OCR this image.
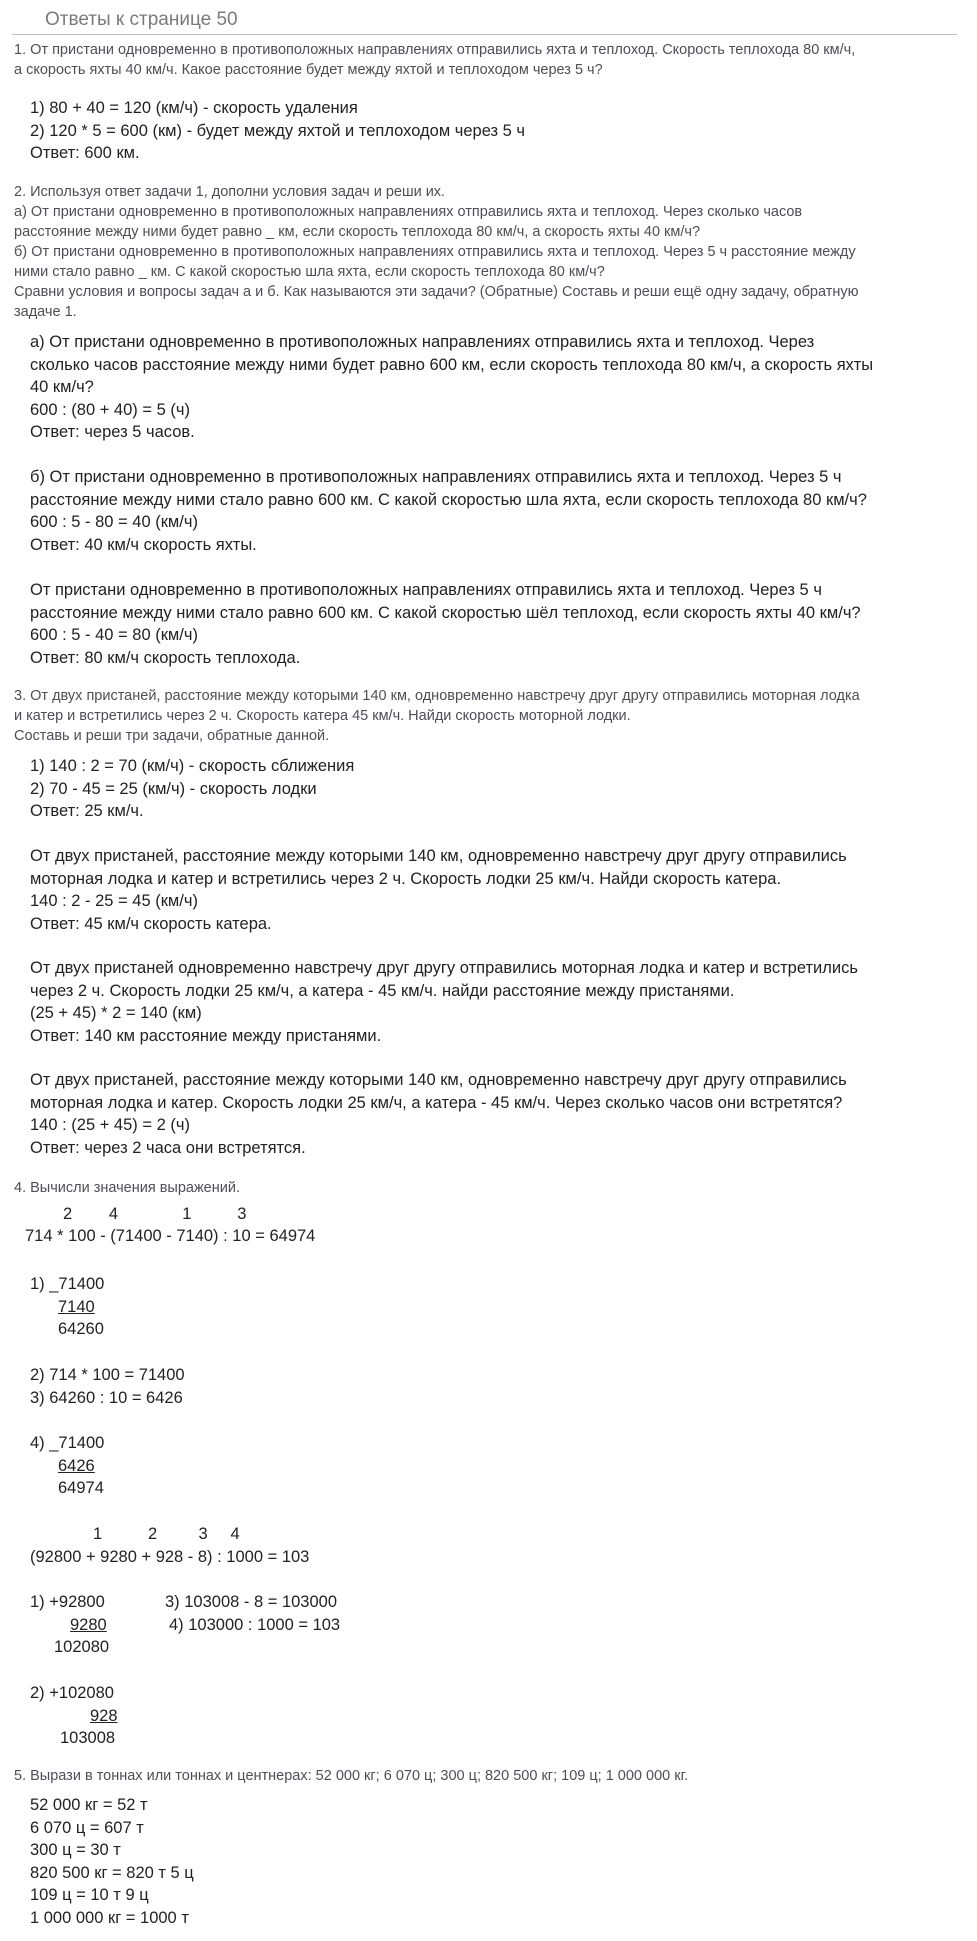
Ответы к странице 50
1. От пристани одновременно в противоположных направлениях отправились яхта и теплоход. Скорость теплохода 80 км/ч,
а скорость яхты 40 км/ч. Какое расстояние будет между яхтой и теплоходом через 5 ч?
1) 80 + 40 = 120 (км/ч) - скорость удаления
2) 120 * 5 = 600 (км) - будет между яхтой и теплоходом через 5 ч
Ответ: 600 км.
2. Используя ответ задачи 1, дополни условия задач и реши их.
а) От пристани одновременно в противоположных направлениях отправились яхта и теплоход. Через сколько часов
расстояние между ними будет равно _ км, если скорость теплохода 80 км/ч, а скорость яхты 40 км/ч?
б) От пристани одновременно в противоположных направлениях отправились яхта и теплоход. Через 5 ч расстояние между
ними стало равно _ км. С какой скоростью шла яхта, если скорость теплохода 80 км/ч?
Сравни условия и вопросы задач а и б. Как называются эти задачи? (Обратные) Составь и реши ещё одну задачу, обратную
задаче 1.
а) От пристани одновременно в противоположных направлениях отправились яхта и теплоход. Через
сколько часов расстояние между ними будет равно 600 км, если скорость теплохода 80 км/ч, а скорость яхты
40 км/ч?
600 : (80 + 40) = 5 (ч)
Ответ: через 5 часов.
б) От пристани одновременно в противоположных направлениях отправились яхта и теплоход. Через 5 ч
расстояние между ними стало равно 600 км. С какой скоростью шла яхта, если скорость теплохода 80 км/ч?
600 : 5 - 80 = 40 (км/ч)
Ответ: 40 км/ч скорость яхты.
От пристани одновременно в противоположных направлениях отправились яхта и теплоход. Через 5 ч
расстояние между ними стало равно 600 км. С какой скоростью шёл теплоход, если скорость яхты 40 км/ч?
600 : 5 - 40 = 80 (км/ч)
Ответ: 80 км/ч скорость теплохода.
3. От двух пристаней, расстояние между которыми 140 км, одновременно навстречу друг другу отправились моторная лодка
и катер и встретились через 2 ч. Скорость катера 45 км/ч. Найди скорость моторной лодки.
Составь и реши три задачи, обратные данной.
1) 140 : 2 = 70 (км/ч) - скорость сближения
2) 70 - 45 = 25 (км/ч) - скорость лодки
Ответ: 25 км/ч.
От двух пристаней, расстояние между которыми 140 км, одновременно навстречу друг другу отправились
моторная лодка и катер и встретились через 2 ч. Скорость лодки 25 км/ч. Найди скорость катера.
140 : 2 - 25 = 45 (км/ч)
Ответ: 45 км/ч скорость катера.
От двух пристаней одновременно навстречу друг другу отправились моторная лодка и катер и встретились
через 2 ч. Скорость лодки 25 км/ч, а катера - 45 км/ч. найди расстояние между пристанями.
(25 + 45) * 2 = 140 (км)
Ответ: 140 км расстояние между пристанями.
От двух пристаней, расстояние между которыми 140 км, одновременно навстречу друг другу отправились
моторная лодка и катер. Скорость лодки 25 км/ч, а катера - 45 км/ч. Через сколько часов они встретятся?
140 : (25 + 45) = 2 (ч)
Ответ: через 2 часа они встретятся.
4. Вычисли значения выражений.
2        4              1          3
714 * 100 - (71400 - 7140) : 10 = 64974
1) _71400
7140
64260
2) 714 * 100 = 71400
3) 64260 : 10 = 6426
4) _71400
6426
64974
1          2         3     4
(92800 + 9280 + 928 - 8) : 1000 = 103
1) +92800
9280
102080
3) 103008 - 8 = 103000
4) 103000 : 1000 = 103
2) +102080
928
103008
5. Вырази в тоннах или тоннах и центнерах: 52 000 кг; 6 070 ц; 300 ц; 820 500 кг; 109 ц; 1 000 000 кг.
52 000 кг = 52 т
6 070 ц = 607 т
300 ц = 30 т
820 500 кг = 820 т 5 ц
109 ц = 10 т 9 ц
1 000 000 кг = 1000 т
